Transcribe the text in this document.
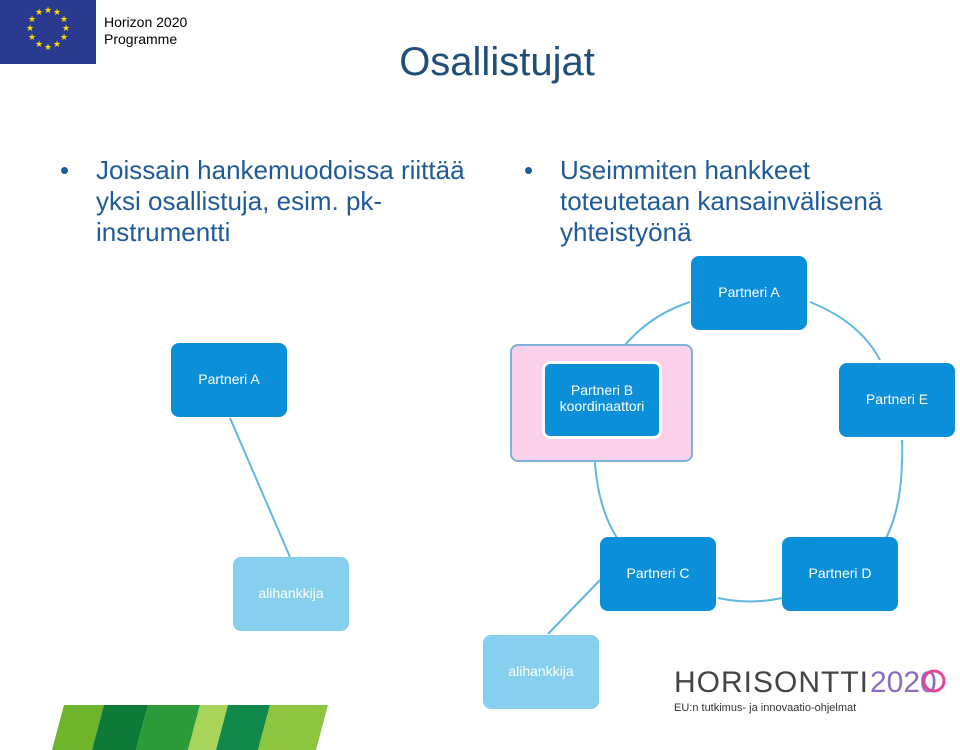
★ ★
★
★
★
★
★
★
★
★
★
★
Horizon 2020
Programme
Osallistujat
• Joissain hankemuodoissa riittää yksi osallistuja, esim. pk-instrumentti
• Useimmiten hankkeet toteutetaan kansainvälisenä yhteistyönä
Partneri A
alihankkija
Partneri A
Partneri B
koordinaattori	Partneri E
Partneri C	Partneri D
alihankkija	HORISONTTI 2020
EU:n tutkimus- ja innovaatio-ohjelmat
